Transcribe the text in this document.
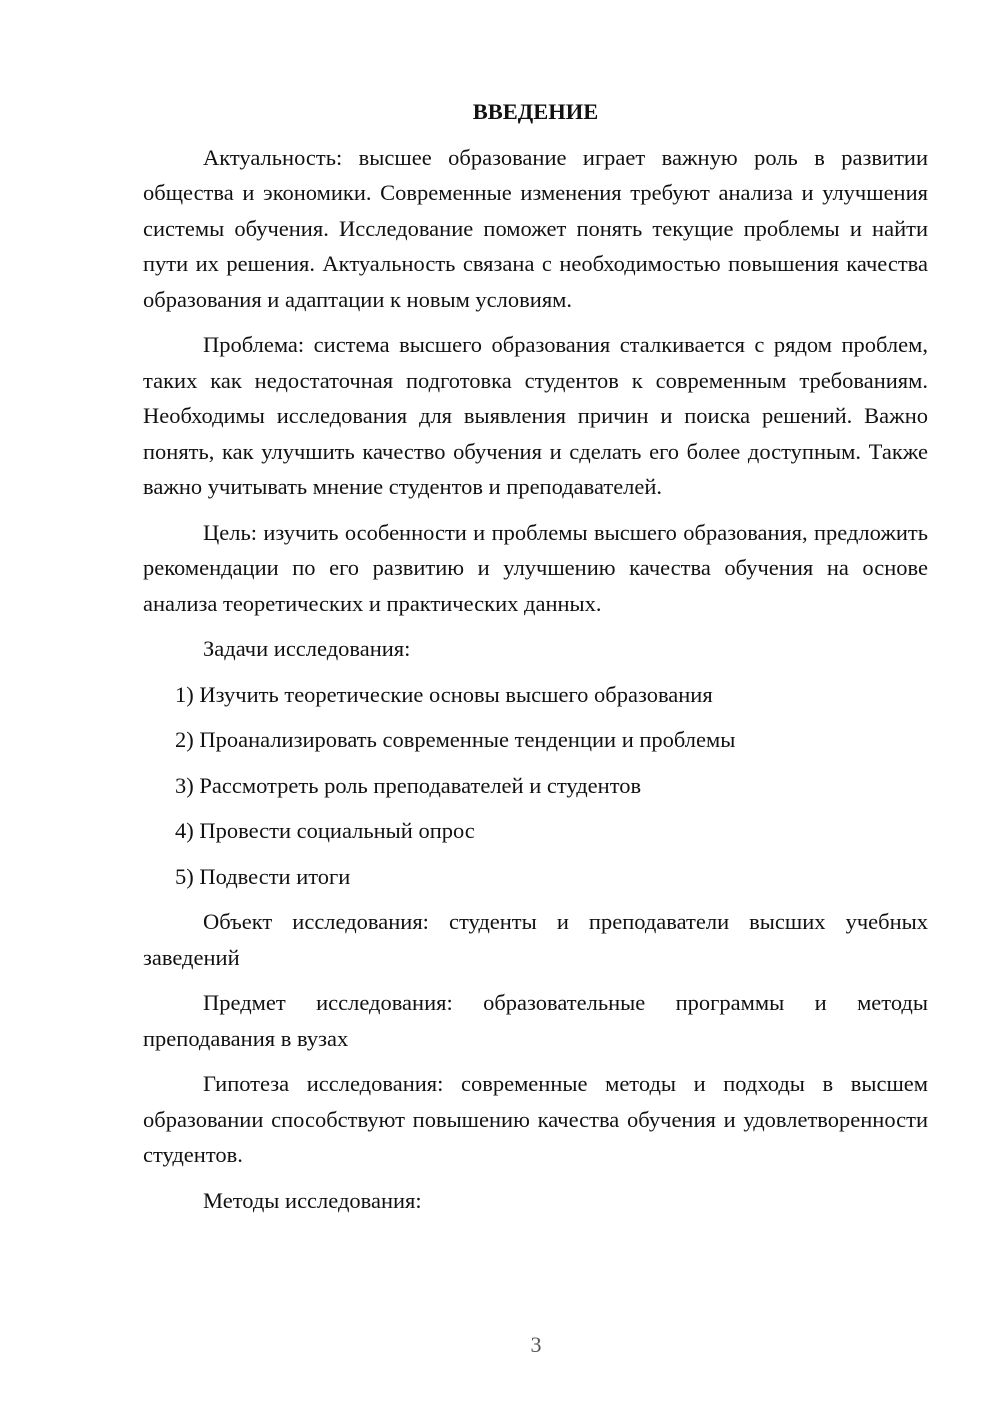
ВВЕДЕНИЕ

Актуальность: высшее образование играет важную роль в развитии общества и экономики. Современные изменения требуют анализа и улучшения системы обучения. Исследование поможет понять текущие проблемы и найти пути их решения. Актуальность связана с необходимостью повышения качества образования и адаптации к новым условиям.

Проблема: система высшего образования сталкивается с рядом проблем, таких как недостаточная подготовка студентов к современным требованиям. Необходимы исследования для выявления причин и поиска решений. Важно понять, как улучшить качество обучения и сделать его более доступным. Также важно учитывать мнение студентов и преподавателей.

Цель: изучить особенности и проблемы высшего образования, предложить рекомендации по его развитию и улучшению качества обучения на основе анализа теоретических и практических данных.

Задачи исследования:

1) Изучить теоретические основы высшего образования
2) Проанализировать современные тенденции и проблемы
3) Рассмотреть роль преподавателей и студентов
4) Провести социальный опрос
5) Подвести итоги

Объект исследования: студенты и преподаватели высших учебных заведений

Предмет исследования: образовательные программы и методы преподавания в вузах

Гипотеза исследования: современные методы и подходы в высшем образовании способствуют повышению качества обучения и удовлетворенности студентов.

Методы исследования:

3
